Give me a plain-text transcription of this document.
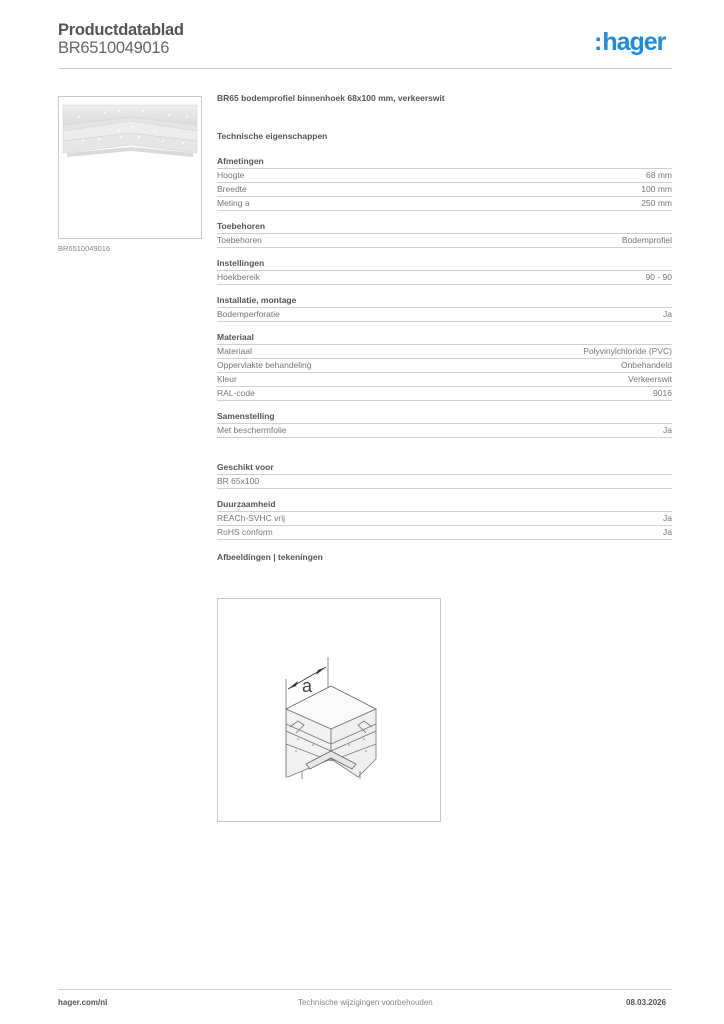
Productdatablad
BR6510049016	:hager
BR6510049016
BR65 bodemprofiel binnenhoek 68x100 mm, verkeerswit
Technische eigenschappen
Afmetingen
Hoogte	68 mm
Breedte	100 mm
Meting a	250 mm
Toebehoren
Toebehoren	Bodemprofiel
Instellingen
Hoekbereik	90 - 90
Installatie, montage
Bodemperforatie	Ja
Materiaal
Materiaal	Polyvinylchloride (PVC)
Oppervlakte behandeling	Onbehandeld
Kleur	Verkeerswit
RAL-code	9016
Samenstelling
Met beschermfolie	Ja
Geschikt voor
BR 65x100
Duurzaamheid
REACh-SVHC vrij	Ja
RoHS conform	Ja
Afbeeldingen | tekeningen
a
hager.com/nl	Technische wijzigingen voorbehouden	08.03.2026
